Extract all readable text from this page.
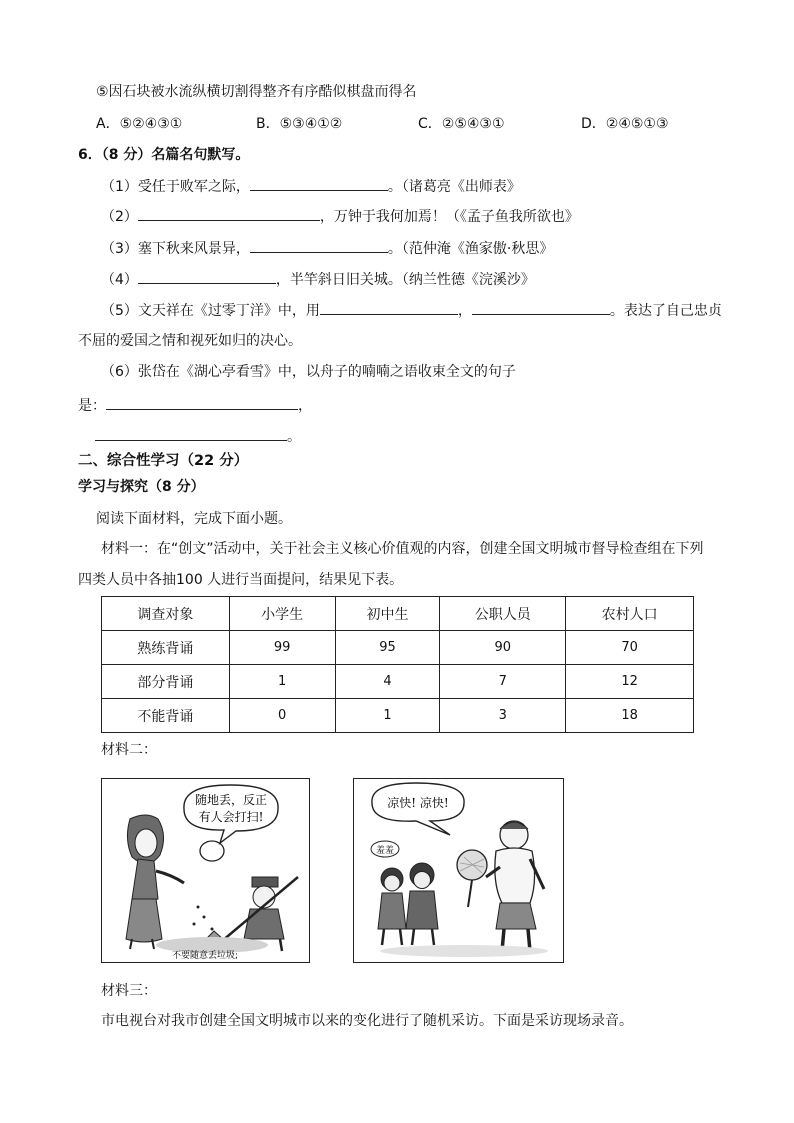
⑤因石块被水流纵横切割得整齐有序酷似棋盘而得名
A．⑤②④③①	B．⑤③④①②	C．②⑤④③①	D．②④⑤①③
6．（8 分）名篇名句默写。
（1）受任于败军之际，	。（诸葛亮《出师表》
（2）	，万钟于我何加焉！（《孟子鱼我所欲也》
（3）塞下秋来风景异，	。（范仲淹《渔家傲·秋思》
（4）	，半竿斜日旧关城。（纳兰性德《浣溪沙》
（5）文天祥在《过零丁洋》中，用	，	。表达了自己忠贞
不屈的爱国之情和视死如归的决心。
（6）张岱在《湖心亭看雪》中，以舟子的喃喃之语收束全文的句子
是：	，
。
二、综合性学习（22 分）
学习与探究（8 分）
阅读下面材料，完成下面小题。
材料一：在“创文”活动中，关于社会主义核心价值观的内容，创建全国文明城市督导检查组在下列
四类人员中各抽100 人进行当面提问，结果见下表。
调查对象	小学生	初中生	公职人员	农村人口
熟练背诵	99	95	90	70
部分背诵	1	4	7	12
不能背诵	0	1	3	18
材料二：
随地丢，反正
有人会打扫!
不要随意丢垃圾;
凉快! 凉快!
羞羞
材料三：
市电视台对我市创建全国文明城市以来的变化进行了随机采访。下面是采访现场录音。
